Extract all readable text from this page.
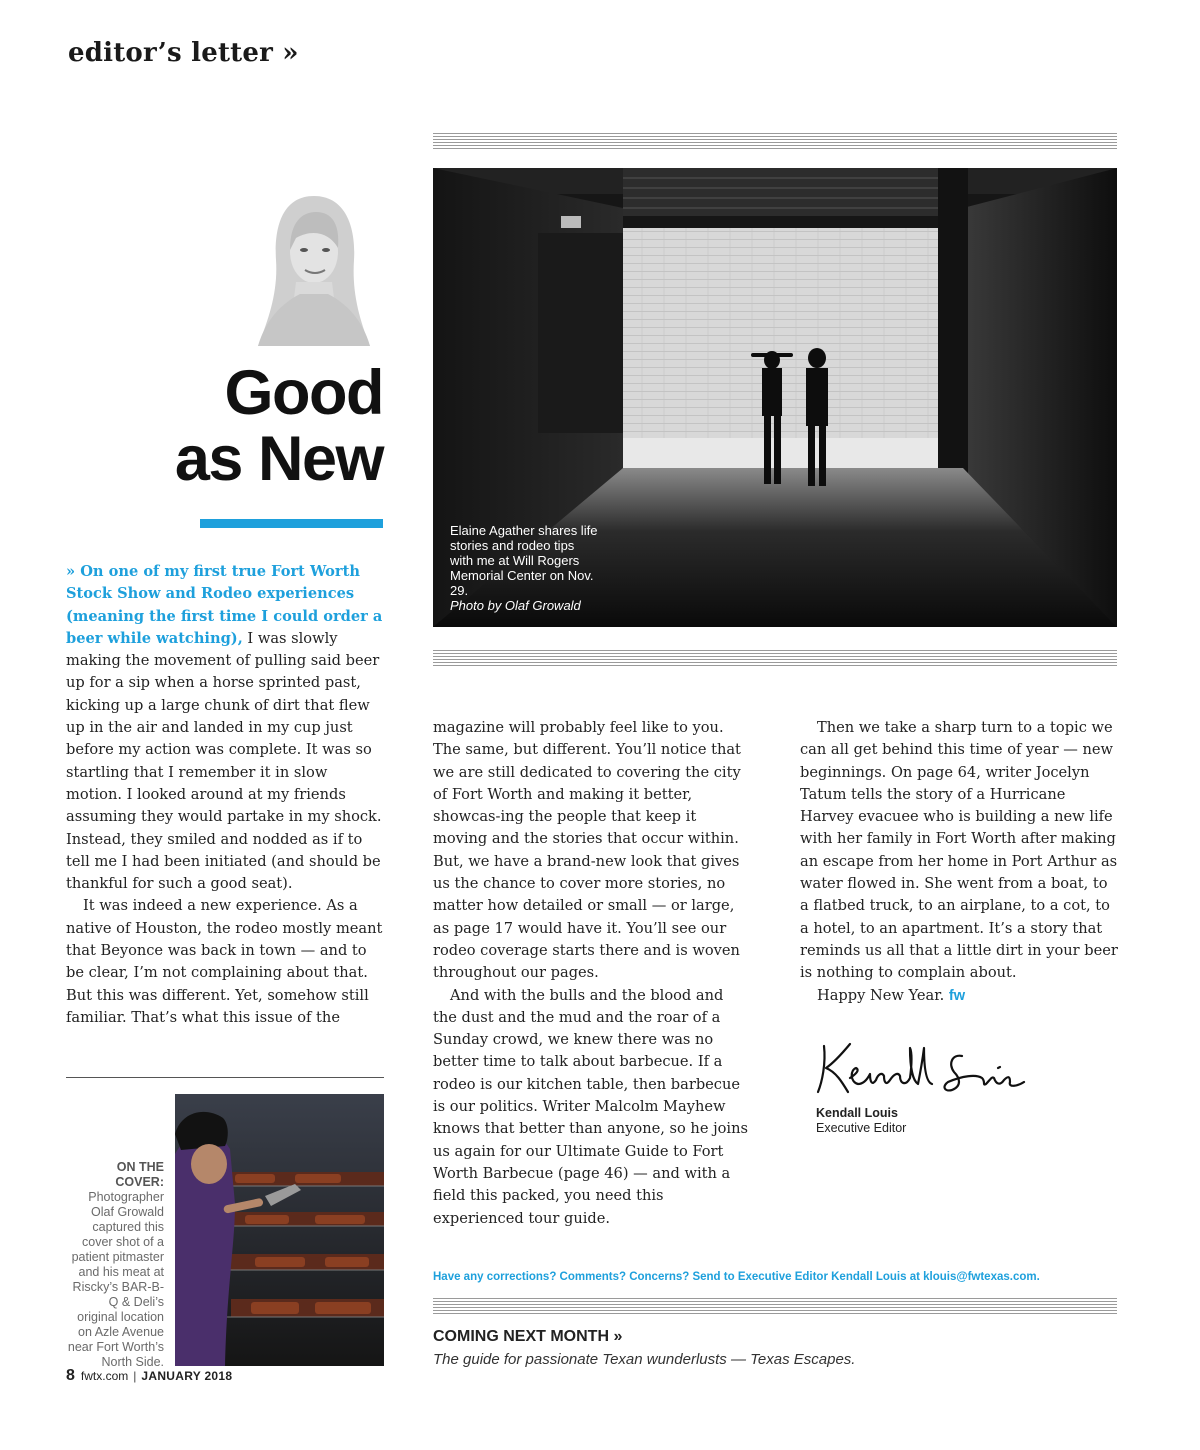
editor’s letter »
Elaine Agather shares life stories and rodeo tips with me at Will Rogers Memorial Center on Nov. 29.
Photo by Olaf Growald
Good
as New

» On one of my first true Fort Worth Stock Show and Rodeo experiences (meaning the first time I could order a beer while watching), I was slowly making the movement of pulling said beer up for a sip when a horse sprinted past, kicking up a large chunk of dirt that flew up in the air and landed in my cup just before my action was complete. It was so startling that I remember it in slow motion. I looked around at my friends assuming they would partake in my shock. Instead, they smiled and nodded as if to tell me I had been initiated (and should be thankful for such a good seat).

It was indeed a new experience. As a native of Houston, the rodeo mostly meant that Beyonce was back in town — and to be clear, I’m not complaining about that. But this was different. Yet, somehow still familiar. That’s what this issue of the

magazine will probably feel like to you. The same, but different. You’ll notice that we are still dedicated to covering the city of Fort Worth and making it better, showcas-ing the people that keep it moving and the stories that occur within. But, we have a brand-new look that gives us the chance to cover more stories, no matter how detailed or small — or large, as page 17 would have it. You’ll see our rodeo coverage starts there and is woven throughout our pages.

And with the bulls and the blood and the dust and the mud and the roar of a Sunday crowd, we knew there was no better time to talk about barbecue. If a rodeo is our kitchen table, then barbecue is our politics. Writer Malcolm Mayhew knows that better than anyone, so he joins us again for our Ultimate Guide to Fort Worth Barbecue (page 46) — and with a field this packed, you need this experienced tour guide.

Then we take a sharp turn to a topic we can all get behind this time of year — new beginnings. On page 64, writer Jocelyn Tatum tells the story of a Hurricane Harvey evacuee who is building a new life with her family in Fort Worth after making an escape from her home in Port Arthur as water flowed in. She went from a boat, to a flatbed truck, to an airplane, to a cot, to a hotel, to an apartment. It’s a story that reminds us all that a little dirt in your beer is nothing to complain about.

Happy New Year. fw

Kendall Louis
Executive Editor
ON THE COVER:
Photographer Olaf Growald captured this cover shot of a patient pitmaster and his meat at Riscky’s BAR-B-Q & Deli’s original location on Azle Avenue near Fort Worth’s North Side.
Have any corrections? Comments? Concerns? Send to Executive Editor Kendall Louis at klouis@fwtexas.com.
COMING NEXT MONTH »
The guide for passionate Texan wunderlusts — Texas Escapes.
8 fwtx.com | JANUARY 2018
